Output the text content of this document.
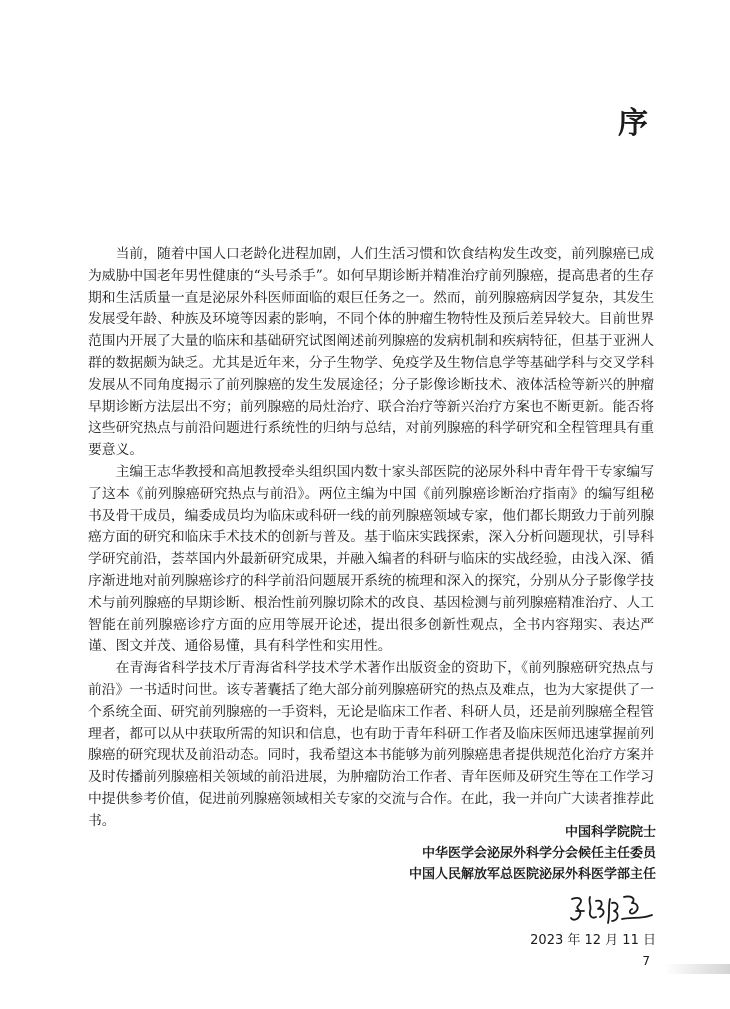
序

当前，随着中国人口老龄化进程加剧，人们生活习惯和饮食结构发生改变，前列腺癌已成为威胁中国老年男性健康的“头号杀手”。如何早期诊断并精准治疗前列腺癌，提高患者的生存期和生活质量一直是泌尿外科医师面临的艰巨任务之一。然而，前列腺癌病因学复杂，其发生发展受年龄、种族及环境等因素的影响，不同个体的肿瘤生物特性及预后差异较大。目前世界范围内开展了大量的临床和基础研究试图阐述前列腺癌的发病机制和疾病特征，但基于亚洲人群的数据颇为缺乏。尤其是近年来，分子生物学、免疫学及生物信息学等基础学科与交叉学科发展从不同角度揭示了前列腺癌的发生发展途径；分子影像诊断技术、液体活检等新兴的肿瘤早期诊断方法层出不穷；前列腺癌的局灶治疗、联合治疗等新兴治疗方案也不断更新。能否将这些研究热点与前沿问题进行系统性的归纳与总结，对前列腺癌的科学研究和全程管理具有重要意义。

主编王志华教授和高旭教授牵头组织国内数十家头部医院的泌尿外科中青年骨干专家编写了这本《前列腺癌研究热点与前沿》。两位主编为中国《前列腺癌诊断治疗指南》的编写组秘书及骨干成员，编委成员均为临床或科研一线的前列腺癌领域专家，他们都长期致力于前列腺癌方面的研究和临床手术技术的创新与普及。基于临床实践探索，深入分析问题现状，引导科学研究前沿，荟萃国内外最新研究成果，并融入编者的科研与临床的实战经验，由浅入深、循序渐进地对前列腺癌诊疗的科学前沿问题展开系统的梳理和深入的探究，分别从分子影像学技术与前列腺癌的早期诊断、根治性前列腺切除术的改良、基因检测与前列腺癌精准治疗、人工智能在前列腺癌诊疗方面的应用等展开论述，提出很多创新性观点，全书内容翔实、表达严谨、图文并茂、通俗易懂，具有科学性和实用性。

在青海省科学技术厅青海省科学技术学术著作出版资金的资助下，《前列腺癌研究热点与前沿》一书适时问世。该专著囊括了绝大部分前列腺癌研究的热点及难点，也为大家提供了一个系统全面、研究前列腺癌的一手资料，无论是临床工作者、科研人员，还是前列腺癌全程管理者，都可以从中获取所需的知识和信息，也有助于青年科研工作者及临床医师迅速掌握前列腺癌的研究现状及前沿动态。同时，我希望这本书能够为前列腺癌患者提供规范化治疗方案并及时传播前列腺癌相关领域的前沿进展，为肿瘤防治工作者、青年医师及研究生等在工作学习中提供参考价值，促进前列腺癌领域相关专家的交流与合作。在此，我一并向广大读者推荐此书。

中国科学院院士
中华医学会泌尿外科学分会候任主任委员
中国人民解放军总医院泌尿外科医学部主任
2023 年 12 月 11 日
7
